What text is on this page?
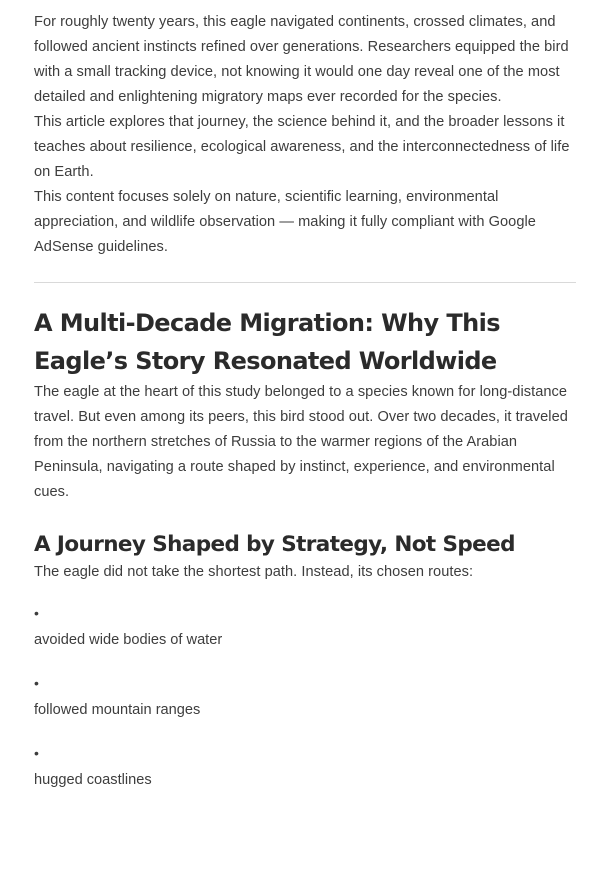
For roughly twenty years, this eagle navigated continents, crossed climates, and followed ancient instincts refined over generations. Researchers equipped the bird with a small tracking device, not knowing it would one day reveal one of the most detailed and enlightening migratory maps ever recorded for the species.

This article explores that journey, the science behind it, and the broader lessons it teaches about resilience, ecological awareness, and the interconnectedness of life on Earth.

This content focuses solely on nature, scientific learning, environmental appreciation, and wildlife observation — making it fully compliant with Google AdSense guidelines.

A Multi-Decade Migration: Why This Eagle’s Story Resonated Worldwide

The eagle at the heart of this study belonged to a species known for long-distance travel. But even among its peers, this bird stood out. Over two decades, it traveled from the northern stretches of Russia to the warmer regions of the Arabian Peninsula, navigating a route shaped by instinct, experience, and environmental cues.

A Journey Shaped by Strategy, Not Speed

The eagle did not take the shortest path. Instead, its chosen routes:

•
avoided wide bodies of water
•
followed mountain ranges
•
hugged coastlines
